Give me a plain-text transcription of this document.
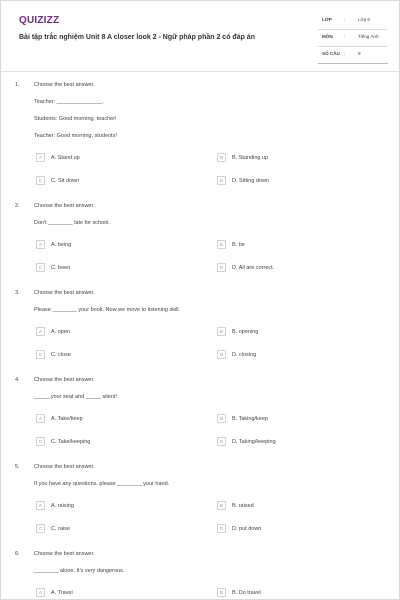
QUIZIZZ
Bài tập trắc nghiệm Unit 8 A closer look 2 - Ngữ pháp phần 2 có đáp án
LỚP	:	Lớp 6
MÔN :	Tiếng Anh
SỐ CÂU :	9
1.	Choose the best answer.
Teacher: _______________.
Students: Good morning, teacher!
Teacher: Good morning, students!
A	A. Stand up	B	B. Standing up
C	C. Sit down	D	D. Sitting down
2.	Choose the best answer.
Don't ________ late for school.
A	A. being	B	B. be
C	C. been	D	D. All are correct.
3.	Choose the best answer.
Please ________ your book. Now we move to listening skill.
A	A. open	B	B. opening
C	C. close	D	D. closing
4.	Choose the best answer.
_____ your seat and _____ silent!
A	A. Take/keep	B	B. Taking/keep
C	C. Take/keeping	D	D. Taking/keeping
5.	Choose the best answer.
If you have any questions, please ________ your hand.
A	A. raising	B	B. raised
C	C. raise	D	D. put down
6.	Choose the best answer.
________ alone. It's very dangerous.
A	A. Travel	B	B. Do travel
